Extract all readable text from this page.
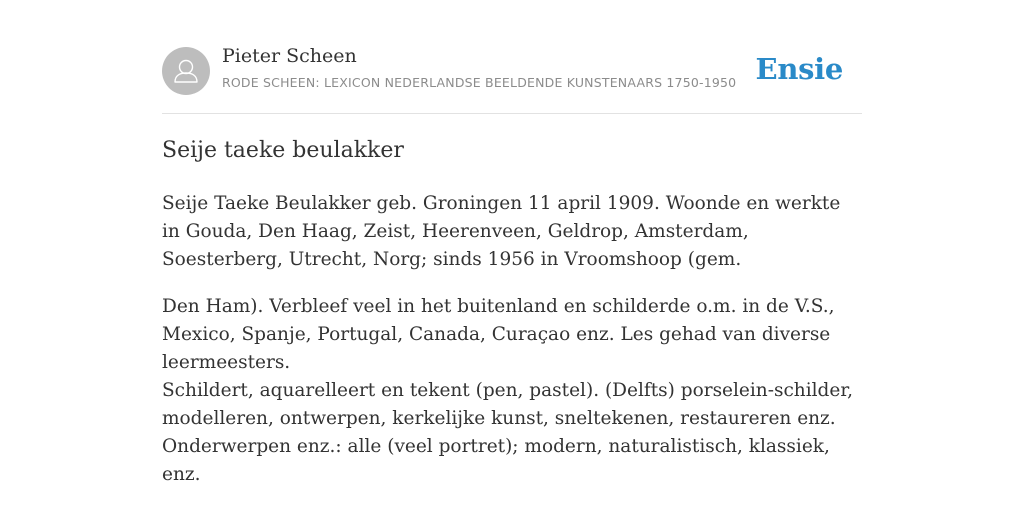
Pieter Scheen
RODE SCHEEN: LEXICON NEDERLANDSE BEELDENDE KUNSTENAARS 1750-1950 Ensie
Seije taeke beulakker

Seije Taeke Beulakker geb. Groningen 11 april 1909. Woonde en werkte in Gouda, Den Haag, Zeist, Heerenveen, Geldrop, Amsterdam, Soesterberg, Utrecht, Norg; sinds 1956 in Vroomshoop (gem.

Den Ham). Verbleef veel in het buitenland en schilderde o.m. in de V.S., Mexico, Spanje, Portugal, Canada, Curaçao enz. Les gehad van diverse leermeesters.

Schildert, aquarelleert en tekent (pen, pastel). (Delfts) porselein-schilder, modelleren, ontwerpen, kerkelijke kunst, sneltekenen, restaureren enz. Onderwerpen enz.: alle (veel portret); modern, naturalistisch, klassiek, enz.
